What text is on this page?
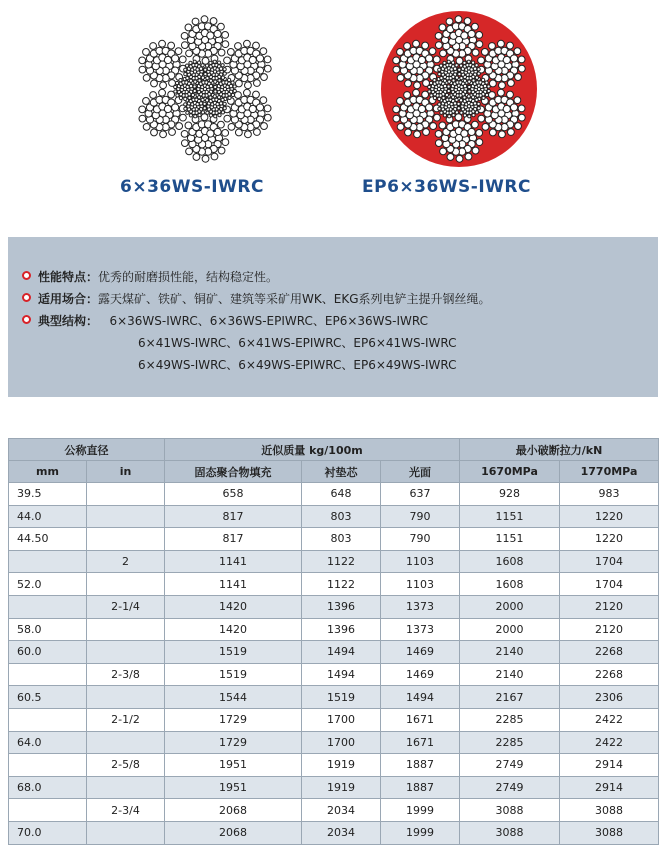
6×36WS-IWRC	EP6×36WS-IWRC
性能特点：优秀的耐磨损性能，结构稳定性。
适用场合：露天煤矿、铁矿、铜矿、建筑等采矿用WK、EKG系列电铲主提升钢丝绳。
典型结构： 6×36WS-IWRC、6×36WS-EPIWRC、EP6×36WS-IWRC
6×41WS-IWRC、6×41WS-EPIWRC、EP6×41WS-IWRC
6×49WS-IWRC、6×49WS-EPIWRC、EP6×49WS-IWRC
公称直径		近似质量 kg/100m			最小破断拉力/kN	
mm	in	固态聚合物填充	衬垫芯	光面	1670MPa	1770MPa
39.5		658	648	637	928	983
44.0		817	803	790	1151	1220
44.50		817	803	790	1151	1220
	2	1141	1122	1103	1608	1704
52.0		1141	1122	1103	1608	1704
	2-1/4	1420	1396	1373	2000	2120
58.0		1420	1396	1373	2000	2120
60.0		1519	1494	1469	2140	2268
	2-3/8	1519	1494	1469	2140	2268
60.5		1544	1519	1494	2167	2306
	2-1/2	1729	1700	1671	2285	2422
64.0		1729	1700	1671	2285	2422
	2-5/8	1951	1919	1887	2749	2914
68.0		1951	1919	1887	2749	2914
	2-3/4	2068	2034	1999	3088	3088
70.0		2068	2034	1999	3088	3088
